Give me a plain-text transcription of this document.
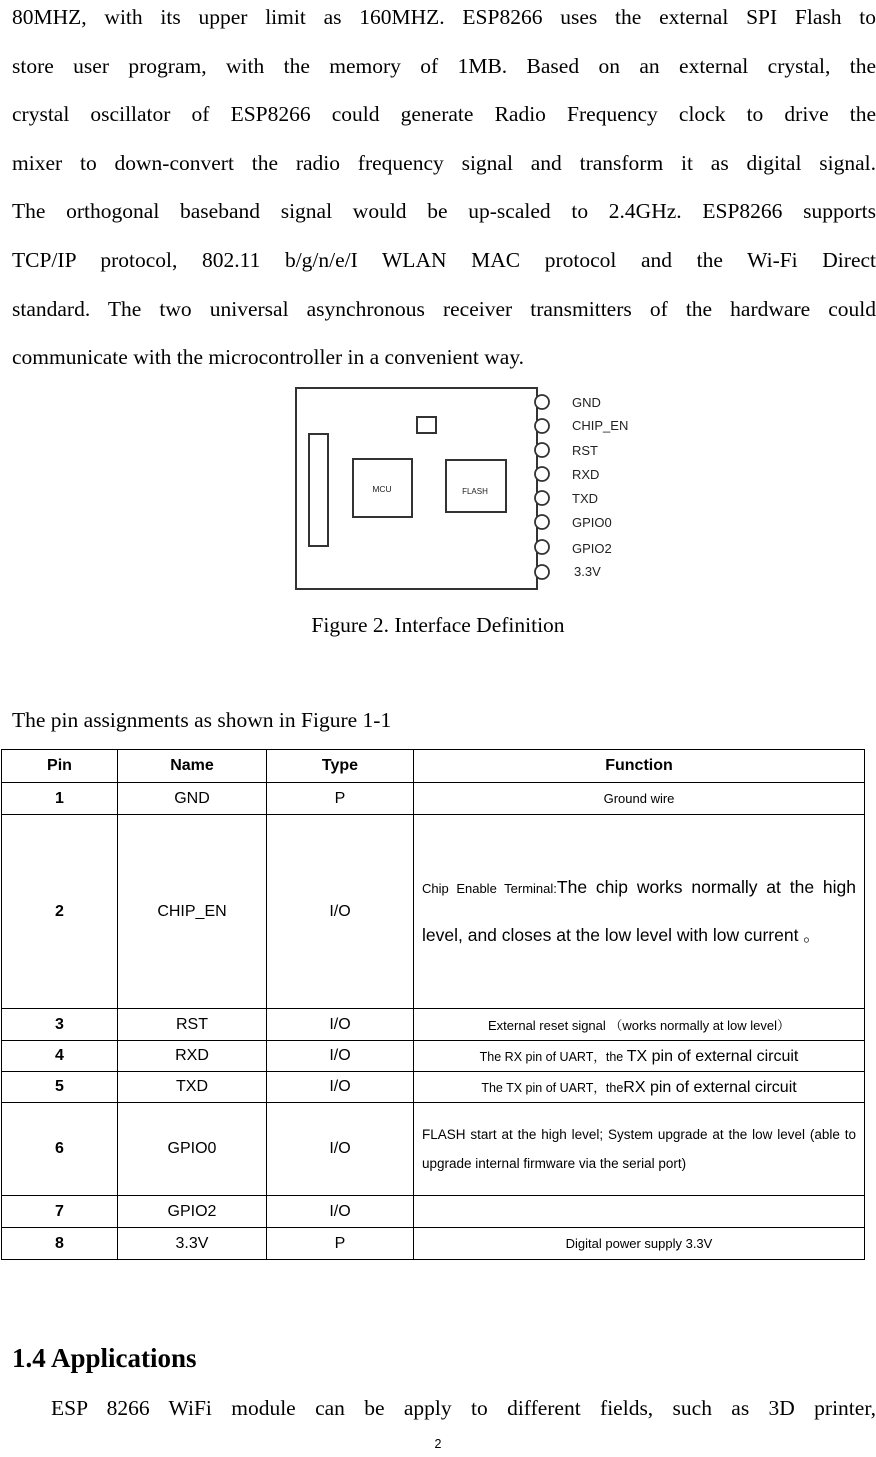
80MHZ, with its upper limit as 160MHZ. ESP8266 uses the external SPI Flash to
store user program, with the memory of 1MB. Based on an external crystal, the
crystal oscillator of ESP8266 could generate Radio Frequency clock to drive the
mixer to down-convert the radio frequency signal and transform it as digital signal.
The orthogonal baseband signal would be up-scaled to 2.4GHz. ESP8266 supports
TCP/IP protocol, 802.11 b/g/n/e/I WLAN MAC protocol and the Wi-Fi Direct
standard. The two universal asynchronous receiver transmitters of the hardware could
communicate with the microcontroller in a convenient way.
MCU	FLASH
GND
CHIP_EN
RST
RXD
TXD
GPIO0
GPIO2
3.3V
Figure 2. Interface Definition
The pin assignments as shown in Figure 1-1
Pin	Name	Type	Function
1	GND	P	Ground wire
2	CHIP_EN	I/O	Chip Enable Terminal:The chip works normally at the high level, and closes at the low level with low current 。
3	RST	I/O	External reset signal （works normally at low level）
4	RXD	I/O	The RX pin of UART，the TX pin of external circuit
5	TXD	I/O	The TX pin of UART，theRX pin of external circuit
6	GPIO0	I/O	FLASH start at the high level; System upgrade at the low level (able to upgrade internal firmware via the serial port)
7	GPIO2	I/O	
8	3.3V	P	Digital power supply 3.3V
1.4 Applications
ESP 8266 WiFi module can be apply to different fields, such as 3D printer,
2
